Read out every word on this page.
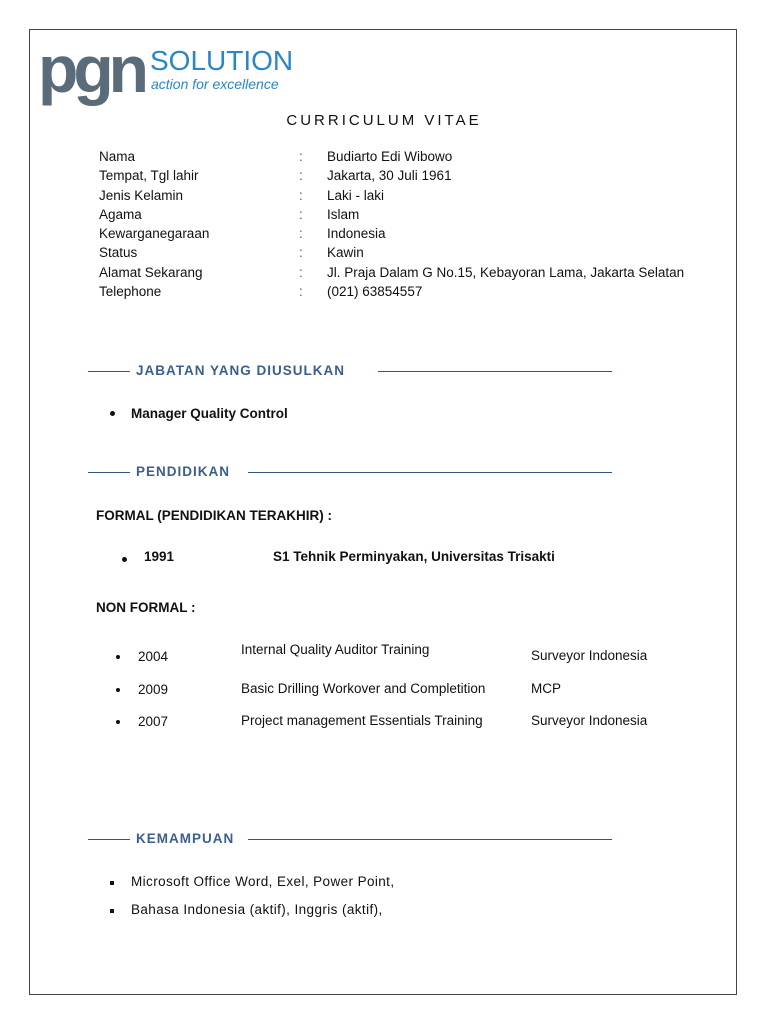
pgn SOLUTION
action for excellence
CURRICULUM VITAE
Nama	:	Budiarto Edi Wibowo
Tempat, Tgl lahir	:	Jakarta, 30 Juli 1961
Jenis Kelamin	:	Laki - laki
Agama	:	Islam
Kewarganegaraan	:	Indonesia
Status	:	Kawin
Alamat Sekarang	:	Jl. Praja Dalam G No.15, Kebayoran Lama, Jakarta Selatan
Telephone	:	(021) 63854557
JABATAN YANG DIUSULKAN
Manager Quality Control
PENDIDIKAN
FORMAL (PENDIDIKAN TERAKHIR) :
1991	S1 Tehnik Perminyakan, Universitas Trisakti
NON FORMAL :
2004	Internal Quality Auditor Training	Surveyor Indonesia
2009	Basic Drilling Workover and Completition	MCP
2007	Project management Essentials Training	Surveyor Indonesia
KEMAMPUAN
Microsoft Office Word, Exel, Power Point,
Bahasa Indonesia (aktif), Inggris (aktif),
